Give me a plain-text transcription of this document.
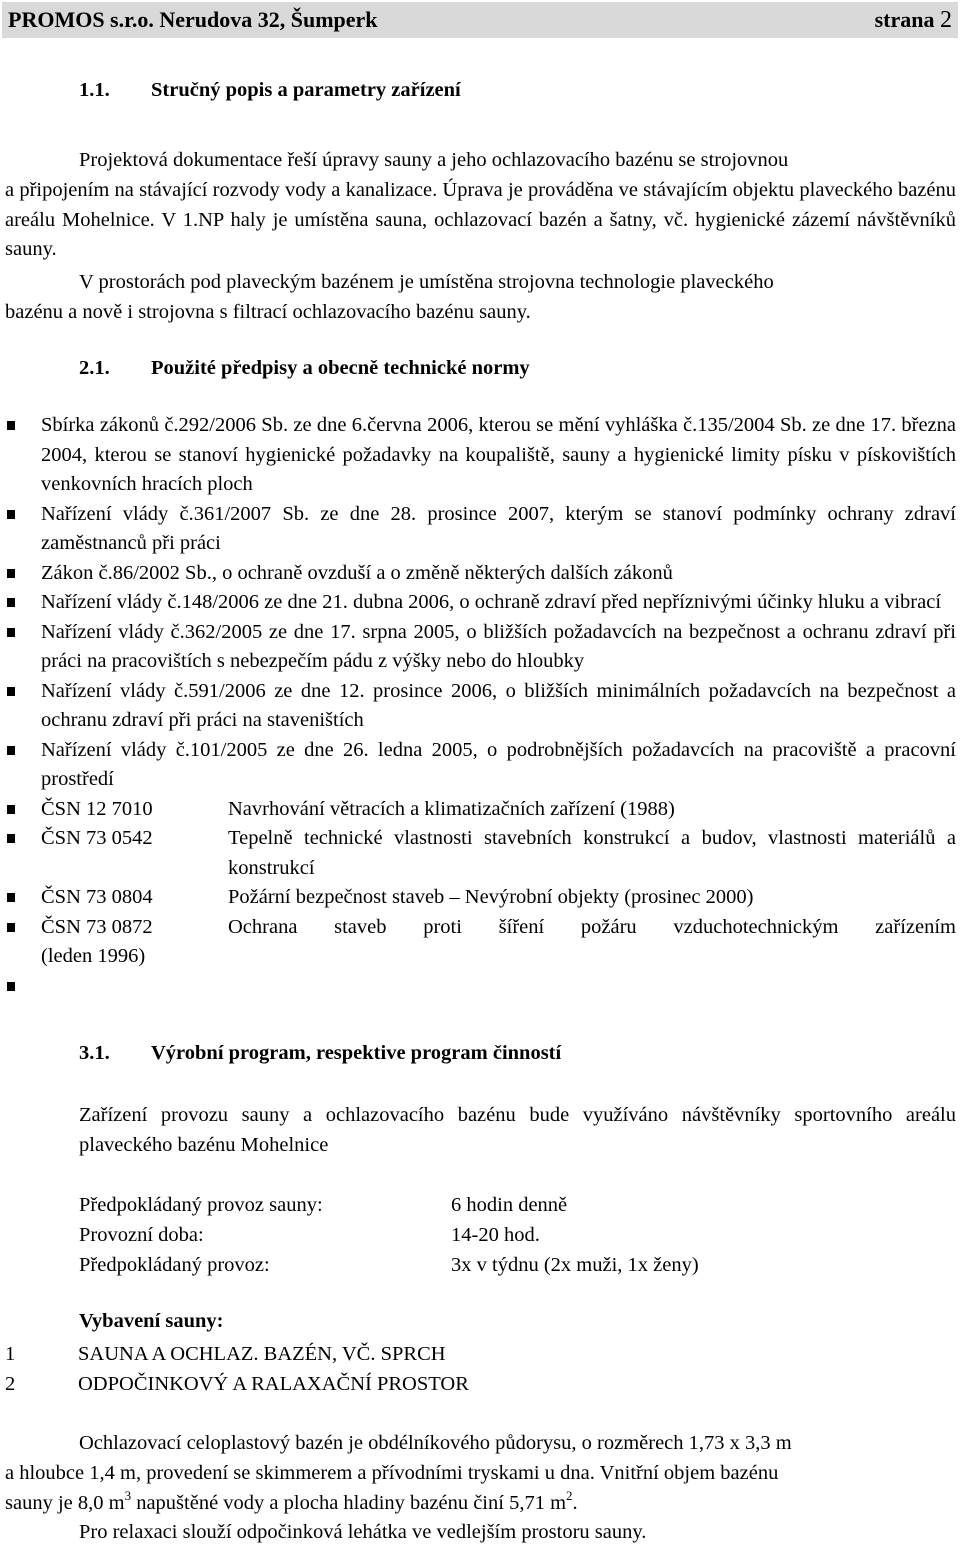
PROMOS s.r.o. Nerudova 32, Šumperk	strana 2
1.1. Stručný popis a parametry zařízení
Projektová dokumentace řeší úpravy sauny a jeho ochlazovacího bazénu se strojovnou
a připojením na stávající rozvody vody a kanalizace. Úprava je prováděna ve stávajícím objektu plaveckého bazénu areálu Mohelnice. V 1.NP haly je umístěna sauna, ochlazovací bazén a šatny, vč. hygienické zázemí návštěvníků sauny.
V prostorách pod plaveckým bazénem je umístěna strojovna technologie plaveckého
bazénu a nově i strojovna s filtrací ochlazovacího bazénu sauny.
2.1. Použité předpisy a obecně technické normy
Sbírka zákonů č.292/2006 Sb. ze dne 6.června 2006, kterou se mění vyhláška č.135/2004 Sb. ze dne 17. března 2004, kterou se stanoví hygienické požadavky na koupaliště, sauny a hygienické limity písku v pískovištích venkovních hracích ploch
Nařízení vlády č.361/2007 Sb. ze dne 28. prosince 2007, kterým se stanoví podmínky ochrany zdraví zaměstnanců při práci
Zákon č.86/2002 Sb., o ochraně ovzduší a o změně některých dalších zákonů
Nařízení vlády č.148/2006 ze dne 21. dubna 2006, o ochraně zdraví před nepříznivými účinky hluku a vibrací
Nařízení vlády č.362/2005 ze dne 17. srpna 2005, o bližších požadavcích na bezpečnost a ochranu zdraví při práci na pracovištích s nebezpečím pádu z výšky nebo do hloubky
Nařízení vlády č.591/2006 ze dne 12. prosince 2006, o bližších minimálních požadavcích na bezpečnost a ochranu zdraví při práci na staveništích
Nařízení vlády č.101/2005 ze dne 26. ledna 2005, o podrobnějších požadavcích na pracoviště a pracovní prostředí
ČSN 12 7010	Navrhování větracích a klimatizačních zařízení (1988)
ČSN 73 0542	Tepelně technické vlastnosti stavebních konstrukcí a budov, vlastnosti materiálů a konstrukcí
ČSN 73 0804	Požární bezpečnost staveb – Nevýrobní objekty (prosinec 2000)
ČSN 73 0872	Ochrana staveb proti šíření požáru vzduchotechnickým zařízením
(leden 1996)
3.1. Výrobní program, respektive program činností
Zařízení provozu sauny a ochlazovacího bazénu bude využíváno návštěvníky sportovního areálu plaveckého bazénu Mohelnice
Předpokládaný provoz sauny:	6 hodin denně
Provozní doba:	14-20 hod.
Předpokládaný provoz:	3x v týdnu (2x muži, 1x ženy)
Vybavení sauny:
1	SAUNA A OCHLAZ. BAZÉN, VČ. SPRCH
2	ODPOČINKOVÝ A RALAXAČNÍ PROSTOR
Ochlazovací celoplastový bazén je obdélníkového půdorysu, o rozměrech 1,73 x 3,3 m
a hloubce 1,4 m, provedení se skimmerem a přívodními tryskami u dna. Vnitřní objem bazénu
sauny je 8,0 $m^3$ napuštěné vody a plocha hladiny bazénu činí 5,71 $m^2$.
Pro relaxaci slouží odpočinková lehátka ve vedlejším prostoru sauny.
